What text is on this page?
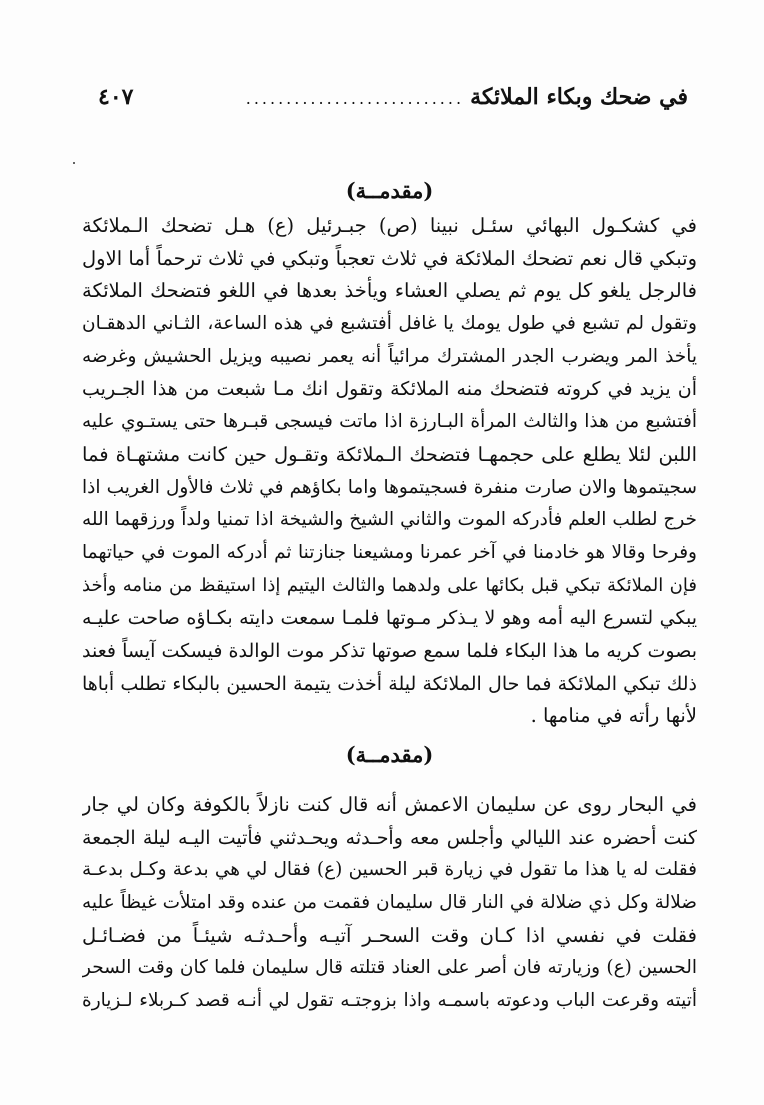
في ضحك وبكاء الملائكة
...........................
٤٠٧
(مقدمــة)
في كشكـول البهائي سئـل نبينا (ص) جبـرئيل (ع) هـل تضحك الـملائكة
وتبكي قال نعم تضحك الملائكة في ثلاث تعجباً وتبكي في ثلاث ترحماً أما الاول
فالرجل يلغو كل يوم ثم يصلي العشاء ويأخذ بعدها في اللغو فتضحك الملائكة
وتقول لم تشبع في طول يومك يا غافل أفتشبع في هذه الساعة، الثـاني الدهقـان
يأخذ المر ويضرب الجدر المشترك مرائياً أنه يعمر نصيبه ويزيل الحشيش وغرضه
أن يزيد في كروته فتضحك منه الملائكة وتقول انك مـا شبعت من هذا الجـريب
أفتشبع من هذا والثالث المرأة البـارزة اذا ماتت فيسجى قبـرها حتى يستـوي عليه
اللبن لئلا يطلع على حجمهـا فتضحك الـملائكة وتقـول حين كانت مشتهـاة فما
سجيتموها والان صارت منفرة فسجيتموها واما بكاؤهم في ثلاث فالأول الغريب اذا
خرج لطلب العلم فأدركه الموت والثاني الشيخ والشيخة اذا تمنيا ولداً ورزقهما الله
وفرحا وقالا هو خادمنا في آخر عمرنا ومشيعنا جنازتنا ثم أدركه الموت في حياتهما
فإن الملائكة تبكي قبل بكائها على ولدهما والثالث اليتيم إذا استيقظ من منامه وأخذ
يبكي لتسرع اليه أمه وهو لا يـذكر مـوتها فلمـا سمعت دايته بكـاؤه صاحت عليـه
بصوت كريه ما هذا البكاء فلما سمع صوتها تذكر موت الوالدة فيسكت آيساً فعند
ذلك تبكي الملائكة فما حال الملائكة ليلة أخذت يتيمة الحسين بالبكاء تطلب أباها
لأنها رأته في منامها .
(مقدمــة)
في البحار روى عن سليمان الاعمش أنه قال كنت نازلاً بالكوفة وكان لي جار
كنت أحضره عند الليالي وأجلس معه وأحـدثه ويحـدثني فأتيت اليـه ليلة الجمعة
فقلت له يا هذا ما تقول في زيارة قبر الحسين (ع) فقال لي هي بدعة وكـل بدعـة
ضلالة وكل ذي ضلالة في النار قال سليمان فقمت من عنده وقد امتلأت غيظاً عليه
فقلت في نفسي اذا كـان وقت السحـر آتيـه وأحـدثـه شيئـاً من فضـائـل
الحسين (ع) وزيارته فان أصر على العناد قتلته قال سليمان فلما كان وقت السحر
أتيته وقرعت الباب ودعوته باسمـه واذا بزوجتـه تقول لي أنـه قصد كـربلاء لـزيارة
